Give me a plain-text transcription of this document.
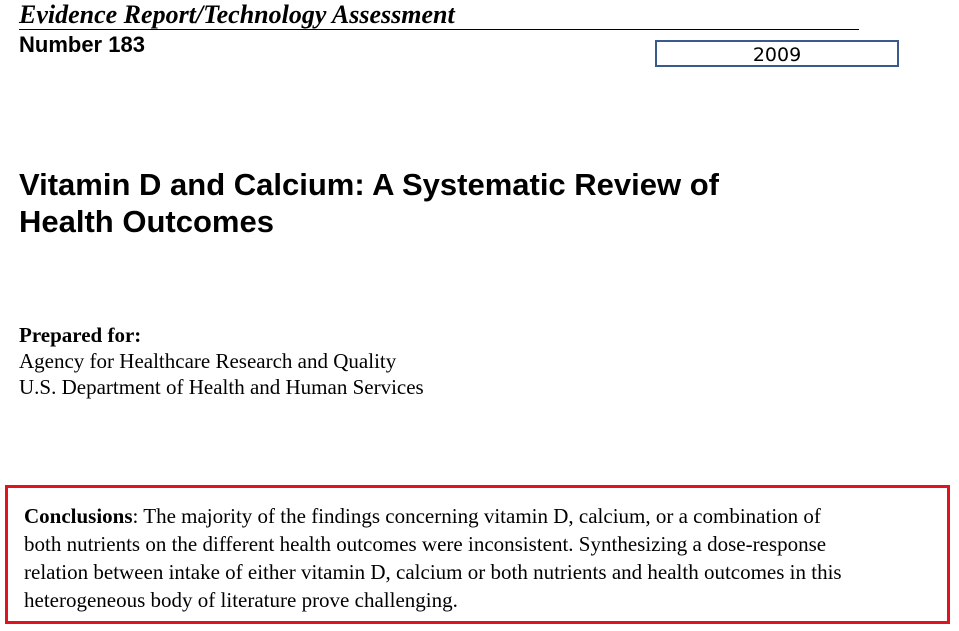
Evidence Report/Technology Assessment
Number 183	2009
Vitamin D and Calcium: A Systematic Review of
Health Outcomes
Prepared for:
Agency for Healthcare Research and Quality
U.S. Department of Health and Human Services
Conclusions: The majority of the findings concerning vitamin D, calcium, or a combination of
both nutrients on the different health outcomes were inconsistent. Synthesizing a dose-response
relation between intake of either vitamin D, calcium or both nutrients and health outcomes in this
heterogeneous body of literature prove challenging.
